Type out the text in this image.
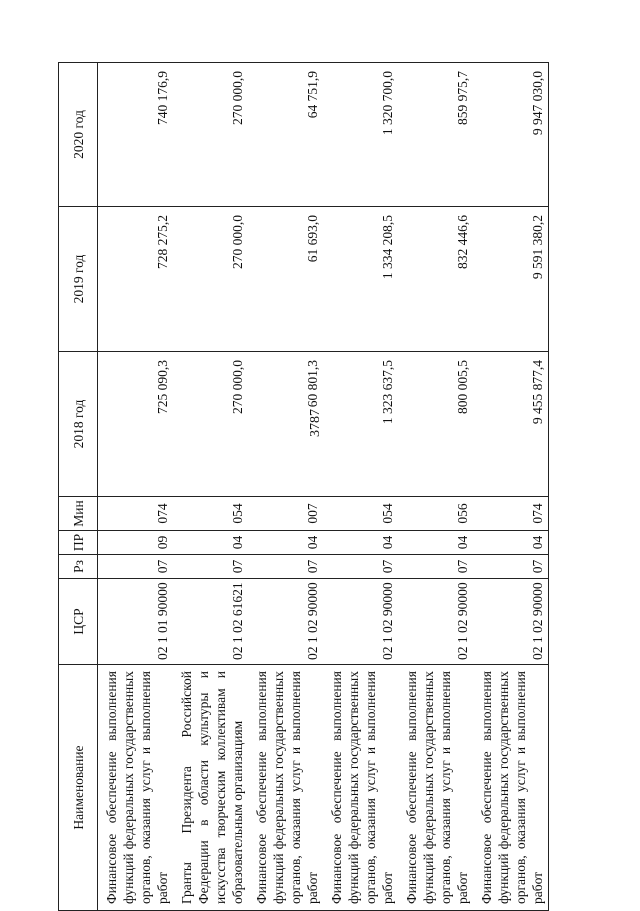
3787
Наименование	ЦСР	Рз	ПР	Мин	2018 год	2019 год	2020 год
Финансовое обеспечение выполнения функций федеральных государственных органов, оказания услуг и выполнения работ	02 1 01 90000	07	09	074	725 090,3	728 275,2	740 176,9
Гранты Президента Российской Федерации в области культуры и искусства творческим коллективам и образовательным организациям	02 1 02 61621	07	04	054	270 000,0	270 000,0	270 000,0
Финансовое обеспечение выполнения функций федеральных государственных органов, оказания услуг и выполнения работ	02 1 02 90000	07	04	007	60 801,3	61 693,0	64 751,9
Финансовое обеспечение выполнения функций федеральных государственных органов, оказания услуг и выполнения работ	02 1 02 90000	07	04	054	1 323 637,5	1 334 208,5	1 320 700,0
Финансовое обеспечение выполнения функций федеральных государственных органов, оказания услуг и выполнения работ	02 1 02 90000	07	04	056	800 005,5	832 446,6	859 975,7
Финансовое обеспечение выполнения функций федеральных государственных органов, оказания услуг и выполнения работ	02 1 02 90000	07	04	074	9 455 877,4	9 591 380,2	9 947 030,0
